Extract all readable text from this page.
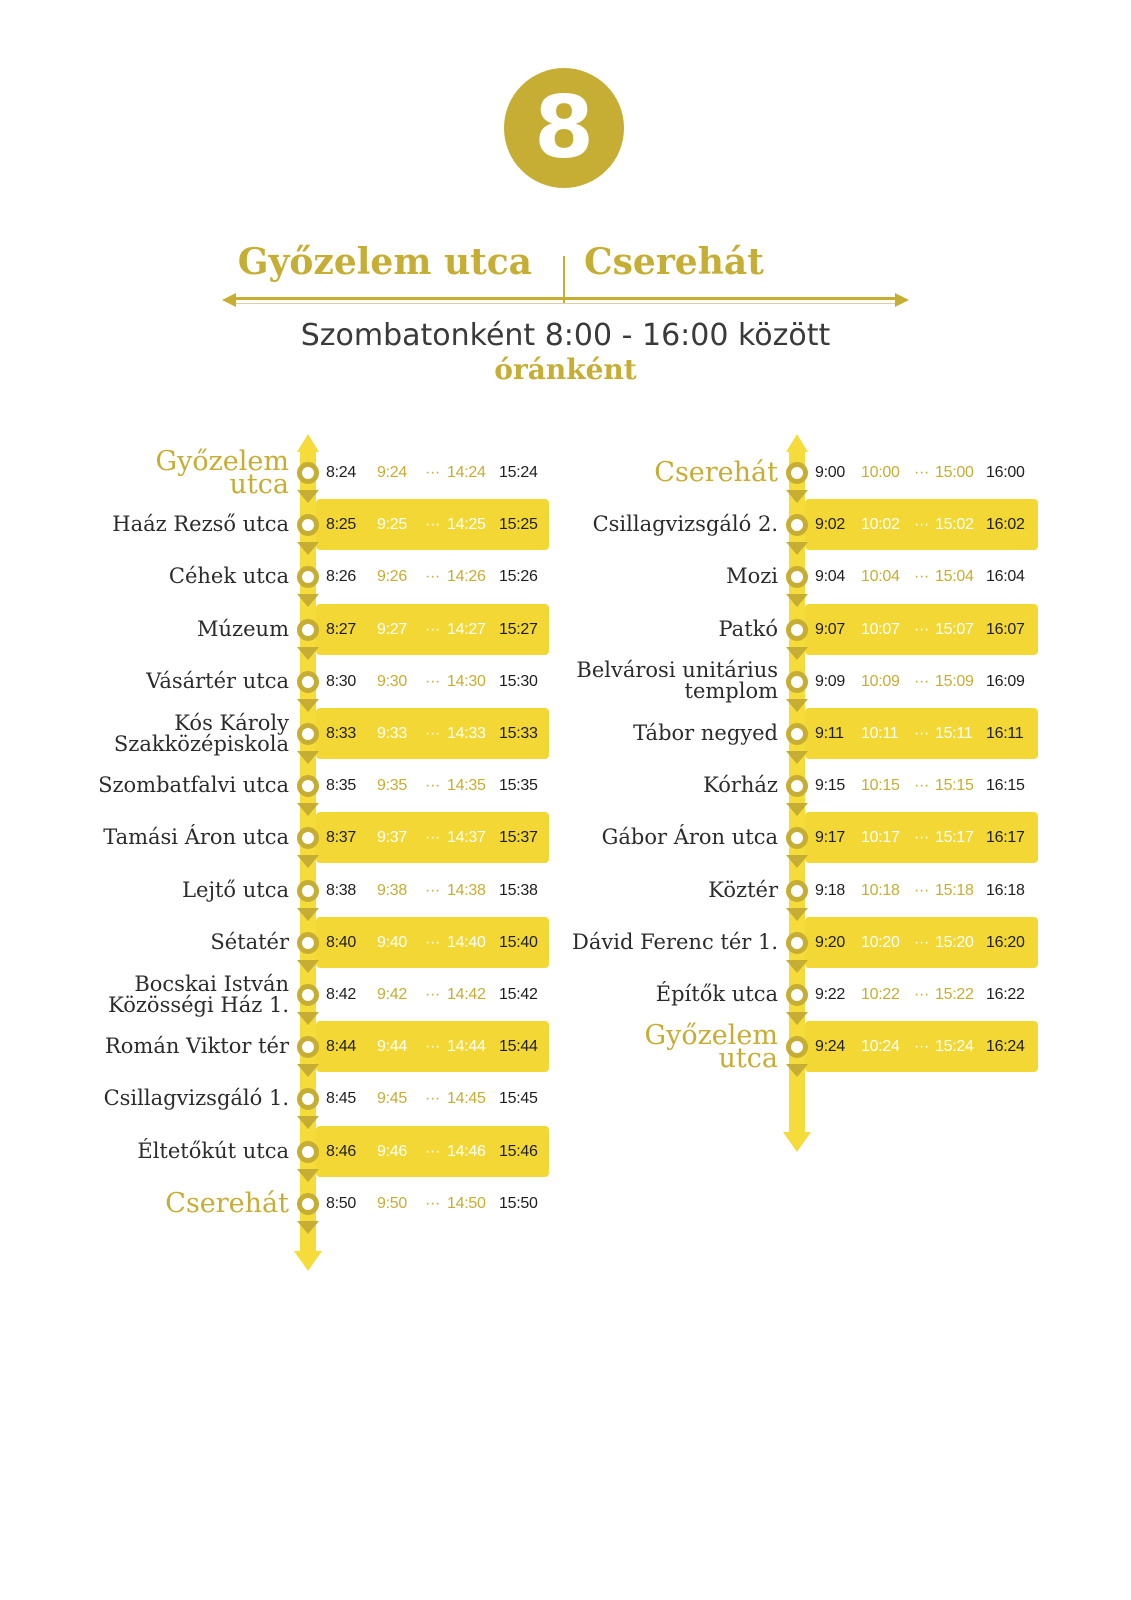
8
Győzelem utca Cserehát
Szombatonként 8:00 - 16:00 között
óránként
Győzelem
utca 8:24 9:24	14:24 15:24
···
Haáz Rezső utca 8:25 9:25	14:25 15:25
···
Céhek utca 8:26 9:26	14:26 15:26
···
Múzeum 8:27 9:27	14:27 15:27
···
Vásártér utca 8:30 9:30	14:30 15:30
···
Kós Károly
Szakközépiskola 8:33 9:33	14:33 15:33
···
Szombatfalvi utca 8:35 9:35	14:35 15:35
···
Tamási Áron utca 8:37 9:37	14:37 15:37
···
Lejtő utca 8:38 9:38	14:38 15:38
···
Sétatér 8:40 9:40	14:40 15:40
···
Bocskai István
Közösségi Ház 1. 8:42 9:42	14:42 15:42
···
Román Viktor tér 8:44 9:44	14:44 15:44
···
Csillagvizsgáló 1. 8:45 9:45	14:45 15:45
···
Éltetőkút utca 8:46 9:46	14:46 15:46
···
Cserehát 8:50 9:50	14:50 15:50
···
Cserehát 9:00 10:00 15:00 16:00
···
Csillagvizsgáló 2. 9:02 10:02 15:02 16:02
···
Mozi 9:04 10:04 15:04 16:04
···
Patkó 9:07 10:07 15:07 16:07
···
Belvárosi unitárius
templom 9:09 10:09 15:09 16:09
···
Tábor negyed 9:11 10:11 15:11 16:11
···
Kórház 9:15 10:15 15:15 16:15
···
Gábor Áron utca 9:17 10:17 15:17 16:17
···
Köztér 9:18 10:18 15:18 16:18
···
Dávid Ferenc tér 1. 9:20 10:20 15:20 16:20
···
Építők utca 9:22 10:22 15:22 16:22
···
Győzelem
utca 9:24 10:24 15:24 16:24
···
